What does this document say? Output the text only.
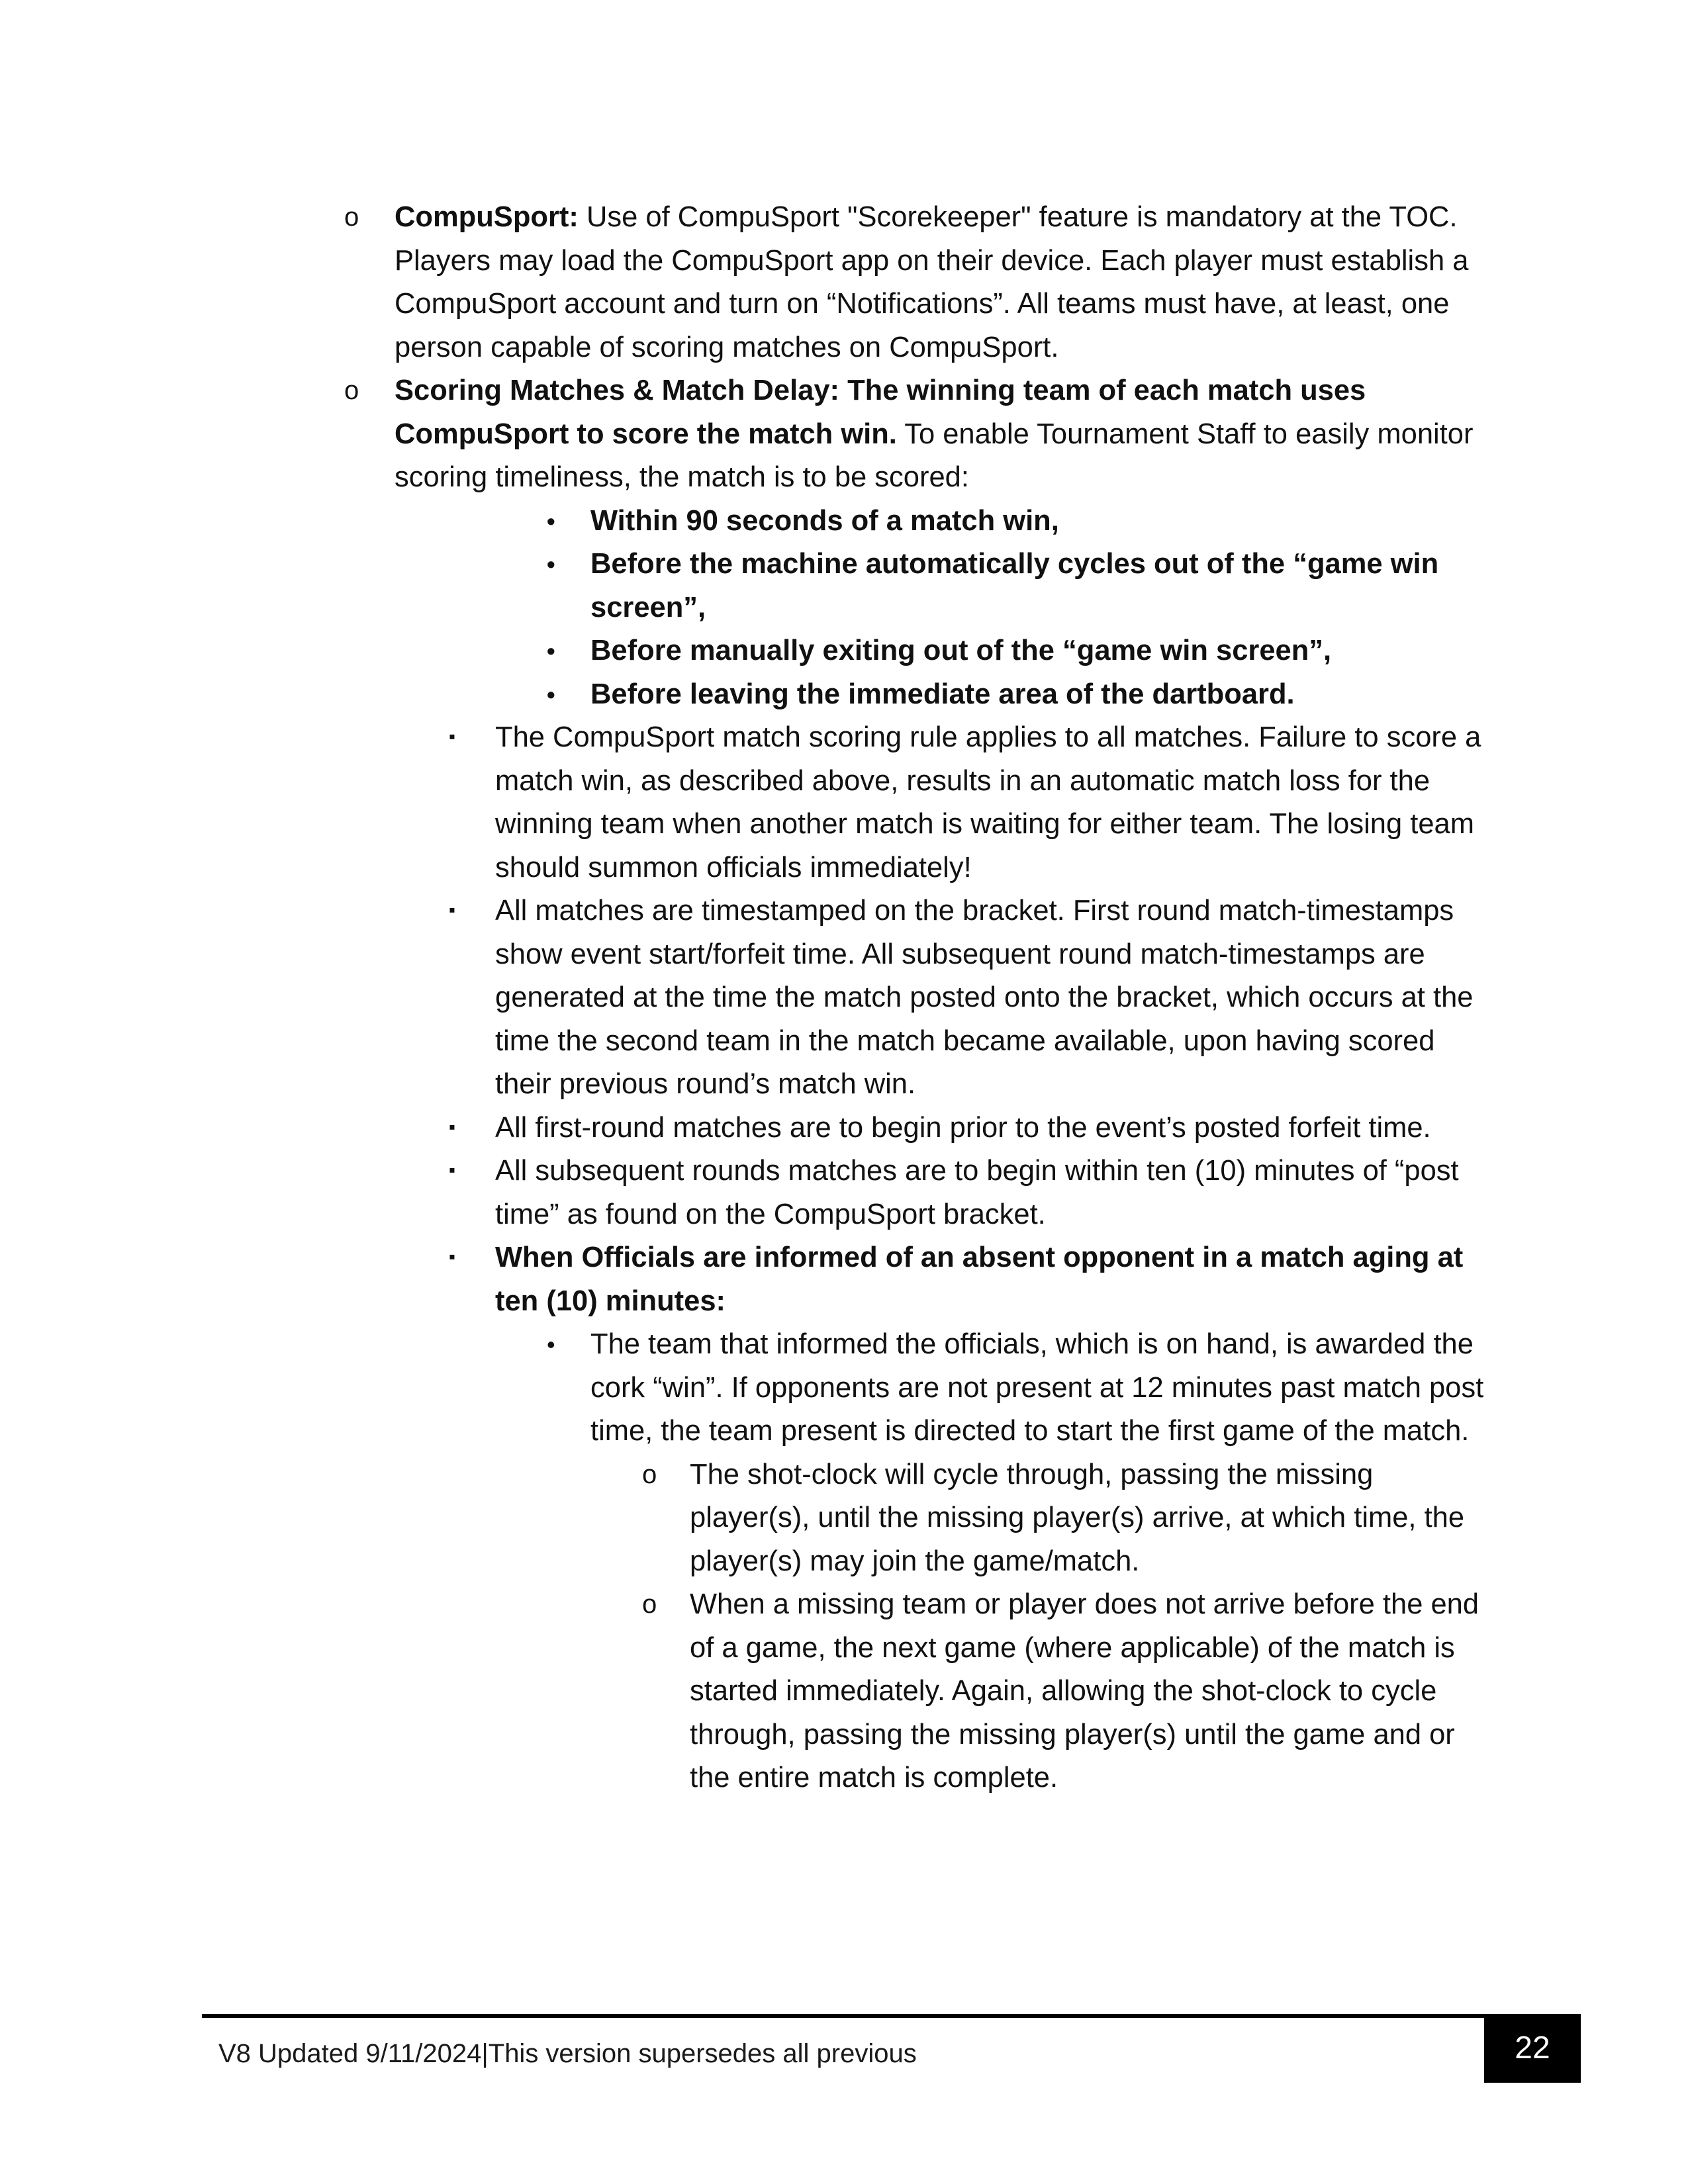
o CompuSport: Use of CompuSport "Scorekeeper" feature is mandatory at the TOC. Players may load the CompuSport app on their device. Each player must establish a CompuSport account and turn on “Notifications”. All teams must have, at least, one person capable of scoring matches on CompuSport.
o Scoring Matches & Match Delay: The winning team of each match uses CompuSport to score the match win. To enable Tournament Staff to easily monitor scoring timeliness, the match is to be scored:
• Within 90 seconds of a match win,
• Before the machine automatically cycles out of the “game win screen”,
• Before manually exiting out of the “game win screen”,
• Before leaving the immediate area of the dartboard.
▪ The CompuSport match scoring rule applies to all matches. Failure to score a match win, as described above, results in an automatic match loss for the winning team when another match is waiting for either team. The losing team should summon officials immediately!
▪ All matches are timestamped on the bracket. First round match-timestamps show event start/forfeit time. All subsequent round match-timestamps are generated at the time the match posted onto the bracket, which occurs at the time the second team in the match became available, upon having scored their previous round’s match win.
▪ All first-round matches are to begin prior to the event’s posted forfeit time.
▪ All subsequent rounds matches are to begin within ten (10) minutes of “post time” as found on the CompuSport bracket.
▪ When Officials are informed of an absent opponent in a match aging at ten (10) minutes:
• The team that informed the officials, which is on hand, is awarded the cork “win”. If opponents are not present at 12 minutes past match post time, the team present is directed to start the first game of the match.
o The shot-clock will cycle through, passing the missing player(s), until the missing player(s) arrive, at which time, the player(s) may join the game/match.
o When a missing team or player does not arrive before the end of a game, the next game (where applicable) of the match is started immediately. Again, allowing the shot-clock to cycle through, passing the missing player(s) until the game and or the entire match is complete.
V8 Updated 9/11/2024|This version supersedes all previous	22
